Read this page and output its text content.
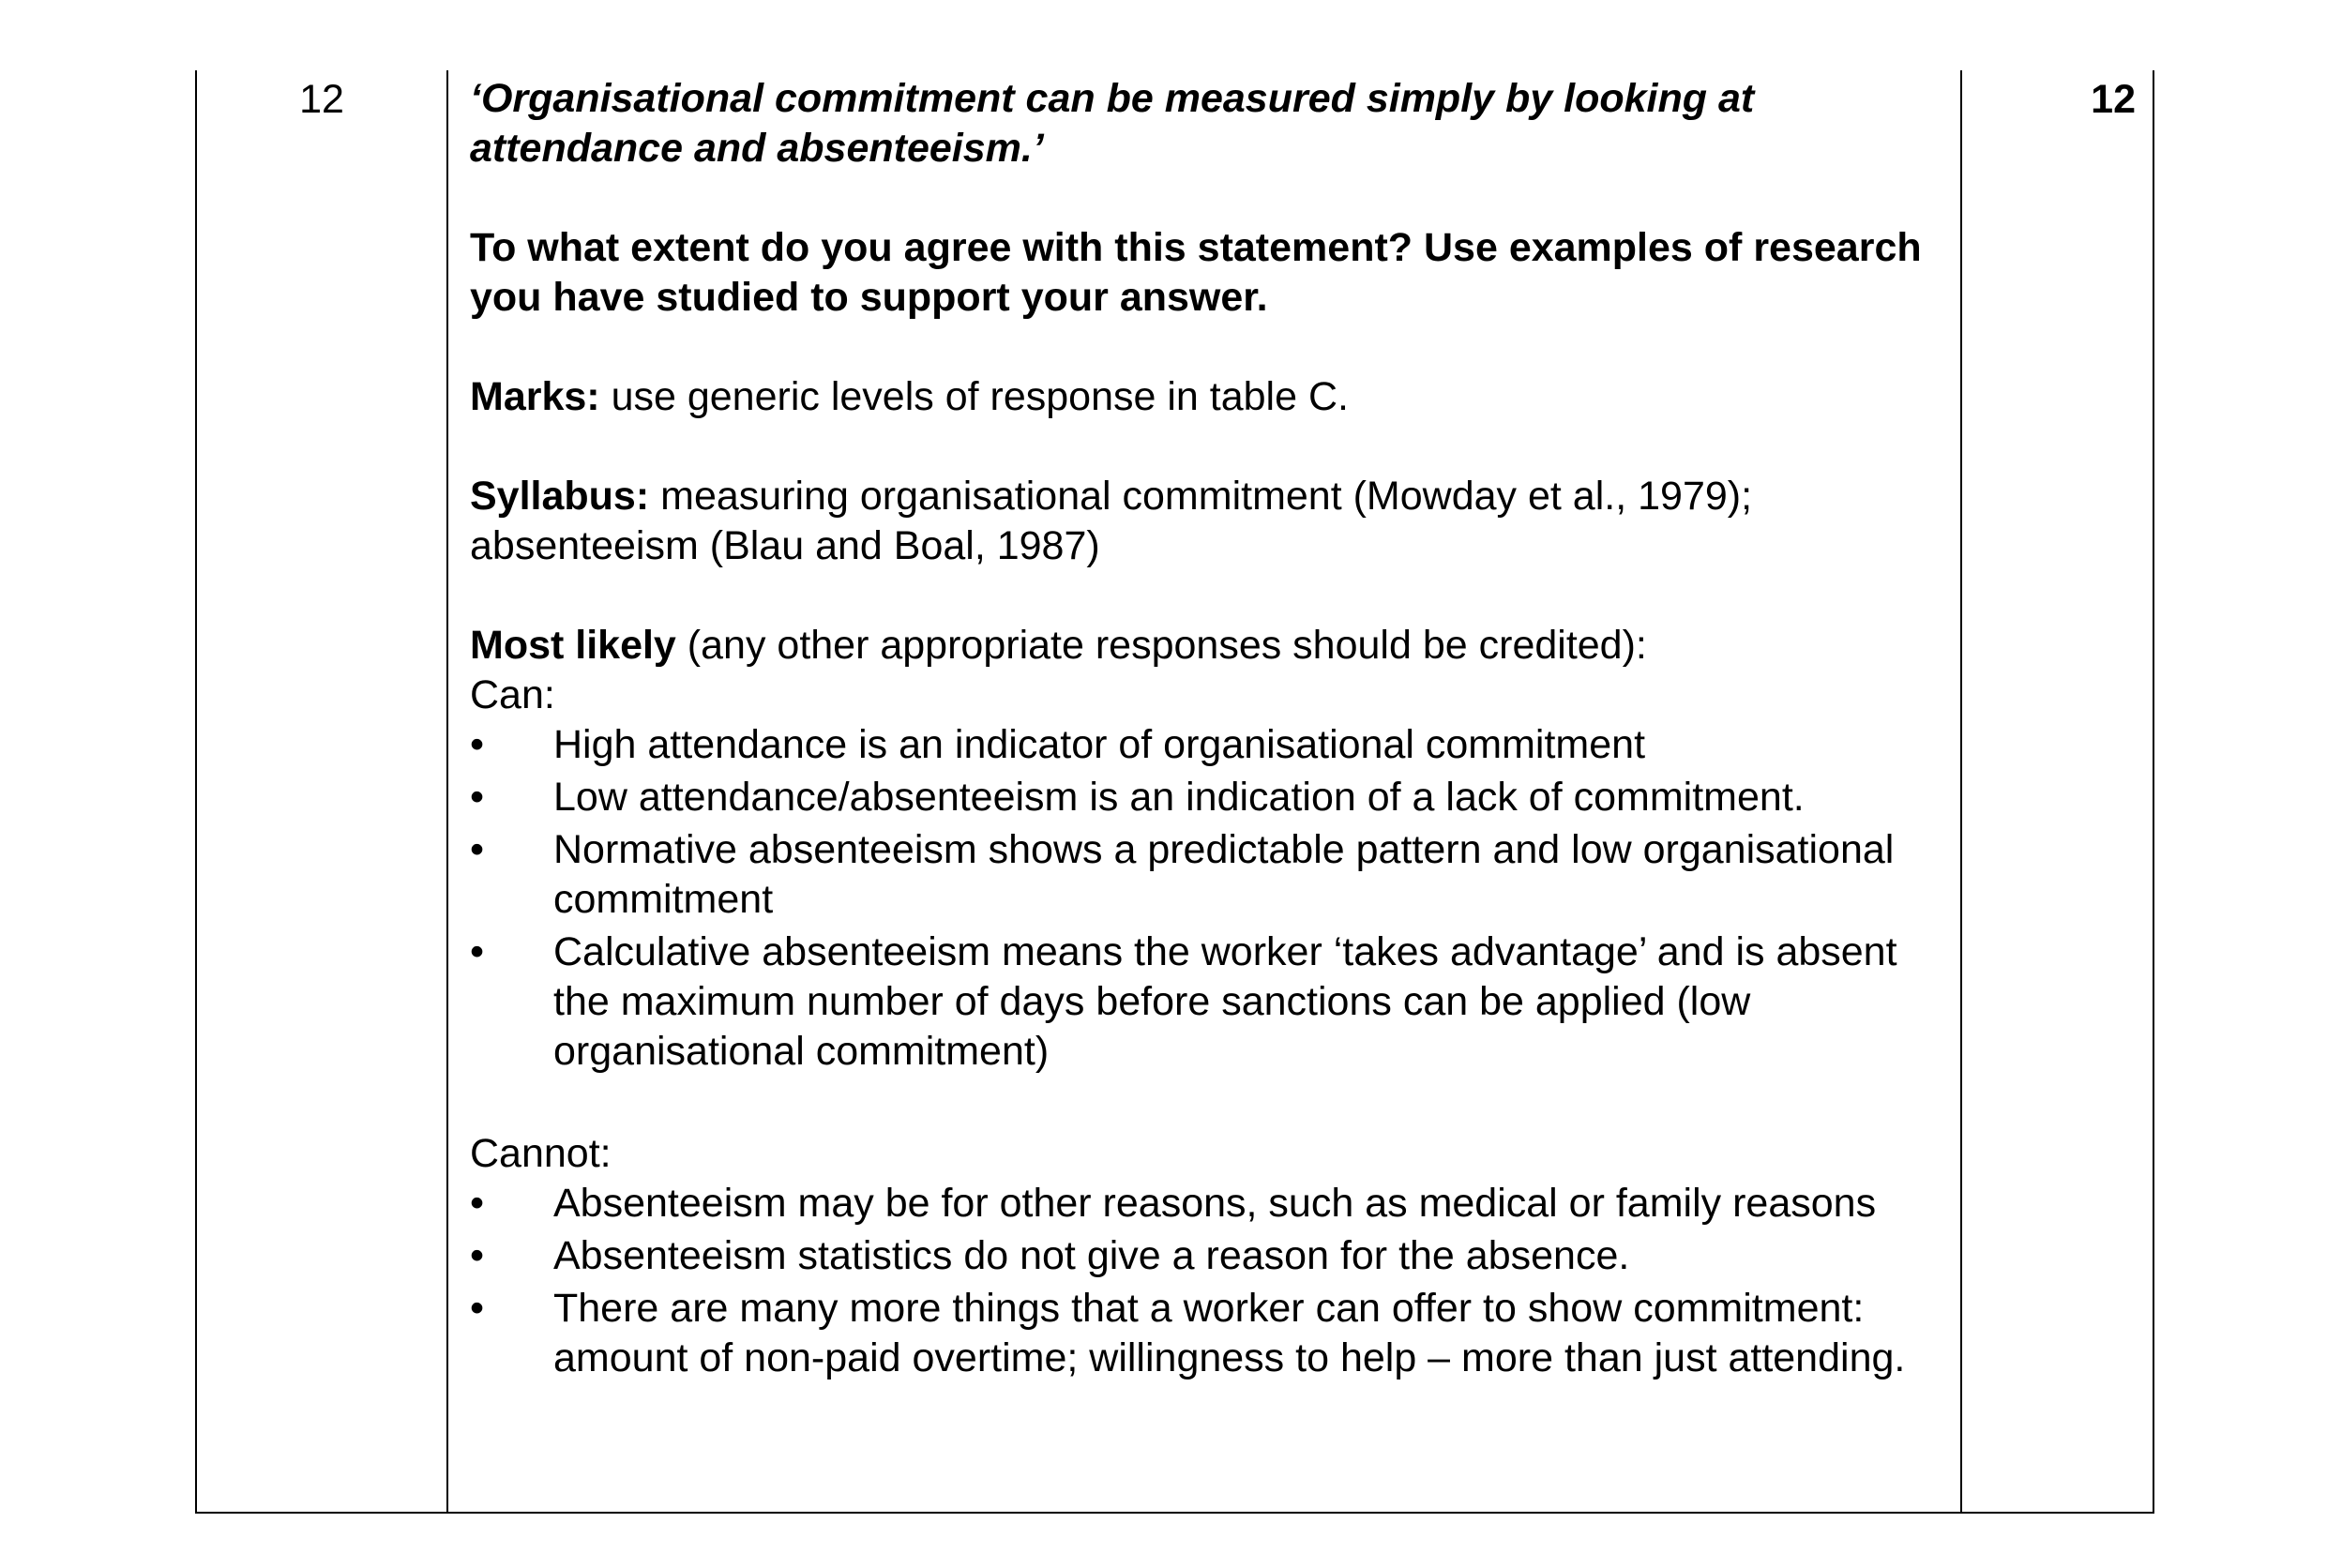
12	‘Organisational commitment can be measured simply by looking at attendance and absenteeism.’

To what extent do you agree with this statement? Use examples of research you have studied to support your answer.

Marks: use generic levels of response in table C.

Syllabus: measuring organisational commitment (Mowday et al., 1979); absenteeism (Blau and Boal, 1987)

Most likely (any other appropriate responses should be credited):

Can:

• High attendance is an indicator of organisational commitment
• Low attendance/absenteeism is an indication of a lack of commitment.
• Normative absenteeism shows a predictable pattern and low organisational commitment
• Calculative absenteeism means the worker ‘takes advantage’ and is absent the maximum number of days before sanctions can be applied (low organisational commitment)

Cannot:

• Absenteeism may be for other reasons, such as medical or family reasons
• Absenteeism statistics do not give a reason for the absence.
• There are many more things that a worker can offer to show commitment: amount of non-paid overtime; willingness to help – more than just attending.
12
